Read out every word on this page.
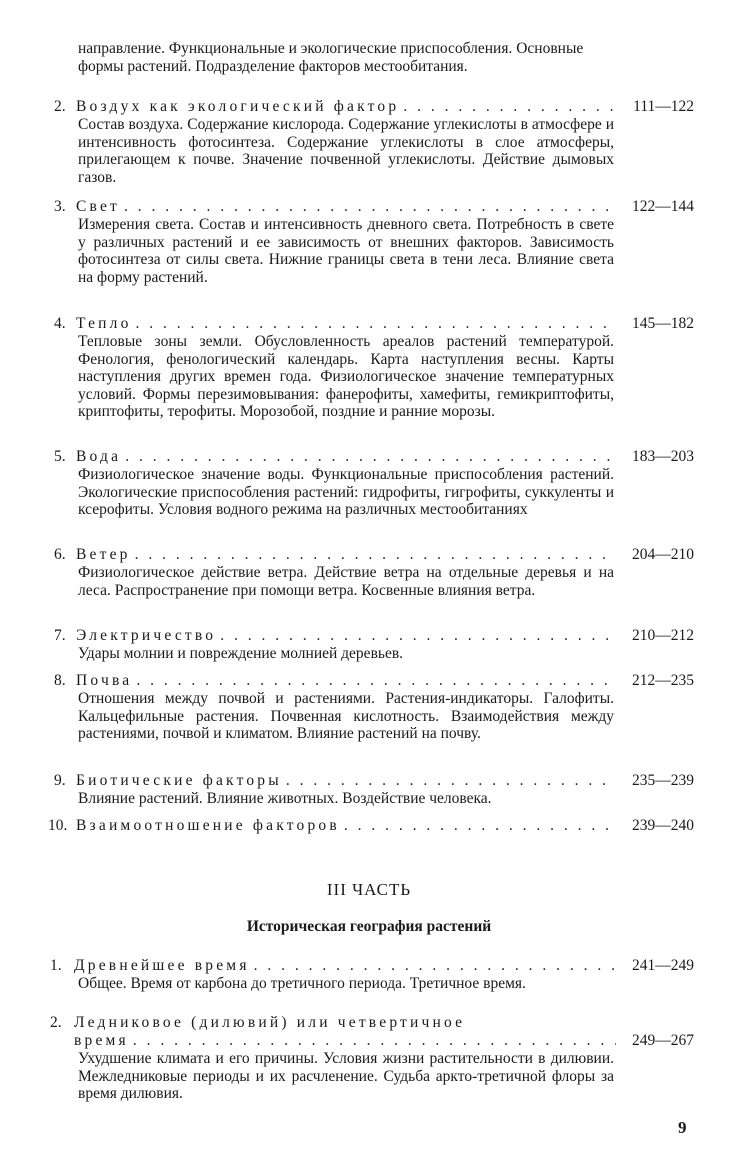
направление. Функциональные и экологические приспособления. Основные формы растений. Подразделение факторов местообитания.
2. Воздух как экологический фактор . . .	111—122
Состав воздуха. Содержание кислорода. Содержание углекислоты в атмосфере и интенсивность фотосинтеза. Содержание углекислоты в слое атмосферы, прилегающем к почве. Значение почвенной углекислоты. Действие дымовых газов.
3. Свет . . .	122—144
Измерения света. Состав и интенсивность дневного света. Потребность в свете у различных растений и ее зависимость от внешних факторов. Зависимость фотосинтеза от силы света. Нижние границы света в тени леса. Влияние света на форму растений.
4. Тепло . . .	145—182
Тепловые зоны земли. Обусловленность ареалов растений температурой. Фенология, фенологический календарь. Карта наступления весны. Карты наступления других времен года. Физиологическое значение температурных условий. Формы перезимовывания: фанерофиты, хамефиты, гемикриптофиты, криптофиты, терофиты. Морозобой, поздние и ранние морозы.
5. Вода . . .	183—203
Физиологическое значение воды. Функциональные приспособления растений. Экологические приспособления растений: гидрофиты, гигрофиты, суккуленты и ксерофиты. Условия водного режима на различных местообитаниях
6. Ветер . . .	204—210
Физиологическое действие ветра. Действие ветра на отдельные деревья и на леса. Распространение при помощи ветра. Косвенные влияния ветра.
7. Электричество . . .	210—212
Удары молнии и повреждение молнией деревьев.
8. Почва . . .	212—235
Отношения между почвой и растениями. Растения-индикаторы. Галофиты. Кальцефильные растения. Почвенная кислотность. Взаимодействия между растениями, почвой и климатом. Влияние растений на почву.
9. Биотические факторы . . .	235—239
Влияние растений. Влияние животных. Воздействие человека.
10. Взаимоотношение факторов . . .	239—240
III ЧАСТЬ
Историческая география растений
1. Древнейшее время . . .	241—249
Общее. Время от карбона до третичного периода. Третичное время.
2. Ледниковое (дилювий) или четвертичное
время . . .	249—267
Ухудшение климата и его причины. Условия жизни растительности в дилювии. Межледниковые периоды и их расчленение. Судьба аркто-третичной флоры за время дилювия.
9
